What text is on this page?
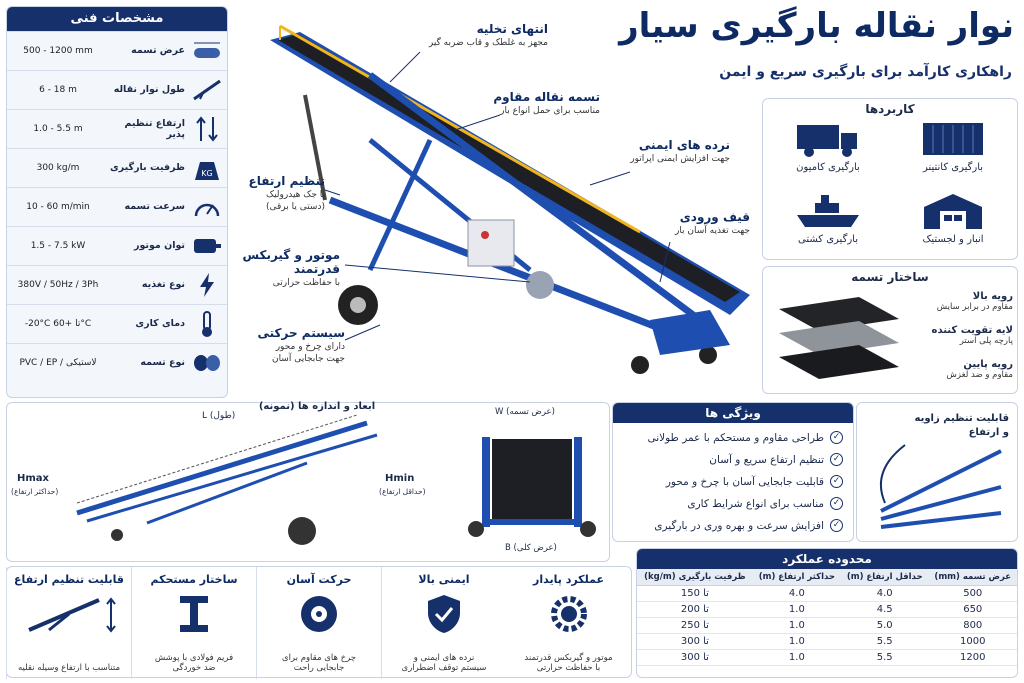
نوار نقاله بارگیری سیار
راهکاری کارآمد برای بارگیری سریع و ایمن
مشخصات فنی
عرض تسمه
500 - 1200 mm
طول نوار نقاله
6 - 18 m
ارتفاع تنظیم پذیر
1.0 - 5.5 m
KG
ظرفیت بارگیری
300 kg/m
سرعت تسمه
10 - 60 m/min
توان موتور
1.5 - 7.5 kW
نوع تغذیه
380V / 50Hz / 3Ph
دمای کاری
-20°C تا +60°C
نوع تسمه
PVC / EP / لاستیکی
انتهای تخلیه
مجهز به غلطک و قاب ضربه گیر
تسمه نقاله مقاوم
مناسب برای حمل انواع بار
نرده های ایمنی
جهت افزایش ایمنی اپراتور
تنظیم ارتفاع
با جک هیدرولیک
(دستی یا برقی)
قیف ورودی
جهت تغذیه آسان بار
موتور و گیربکس
قدرتمند
با حفاظت حرارتی
سیستم حرکتی
دارای چرخ و محور
جهت جابجایی آسان
کاربردها
بارگیری کانتینر
بارگیری کامیون
انبار و لجستیک
بارگیری کشتی
ساختار تسمه
رویه بالا
مقاوم در برابر سایش
لایه تقویت کننده
پارچه پلی استر
رویه پایین
مقاوم و ضد لغزش
ابعاد و اندازه ها (نمونه)
L (طول)
Hmax
(حداکثر ارتفاع)
Hmin
(حداقل ارتفاع)
W (عرض تسمه)
B (عرض کلی)
ویژگی ها
✓
طراحی مقاوم و مستحکم با عمر طولانی
✓
تنظیم ارتفاع سریع و آسان
✓
قابلیت جابجایی آسان با چرخ و محور
✓
مناسب برای انواع شرایط کاری
✓
افزایش سرعت و بهره وری در بارگیری
قابلیت تنظیم زاویه
و ارتفاع
محدوده عملکرد
عرض تسمه (mm)	حداقل ارتفاع (m)	حداکثر ارتفاع (m)	ظرفیت بارگیری (kg/m)
500	4.0	4.0	تا 150
650	4.5	1.0	تا 200
800	5.0	1.0	تا 250
1000	5.5	1.0	تا 300
1200	5.5	1.0	تا 300
عملکرد پایدار
موتور و گیربکس قدرتمند
با حفاظت حرارتی
ایمنی بالا
نرده های ایمنی و
سیستم توقف اضطراری
حرکت آسان
چرخ های مقاوم برای
جابجایی راحت
ساختار مستحکم
فریم فولادی با پوشش
ضد خوردگی
قابلیت تنظیم ارتفاع
متناسب با ارتفاع وسیله نقلیه
